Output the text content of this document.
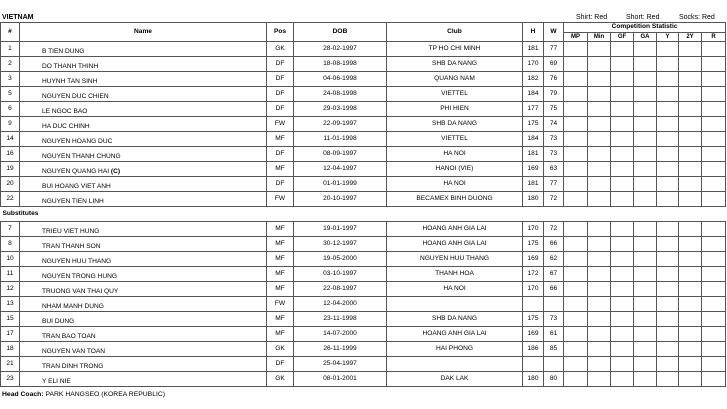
VIETNAM	Shirt: Red	Short: Red	Socks: Red
#	Name	Pos	DOB	Club	H	W	Competition Statistic						
							MP	Min	GF	GA	Y	2Y	R
1	B TIEN DUNG	GK	28-02-1997	TP HO CHI MINH	181	77							
2	DO THANH THINH	DF	18-08-1998	SHB DA NANG	170	69							
3	HUYNH TAN SINH	DF	04-06-1998	QUANG NAM	182	76							
5	NGUYEN DUC CHIEN	DF	24-08-1998	VIETTEL	184	79							
6	LE NGOC BAO	DF	29-03-1998	PHI HIEN	177	75							
9	HA DUC CHINH	FW	22-09-1997	SHB DA NANG	175	74							
14	NGUYEN HOANG DUC	MF	11-01-1998	VIETTEL	184	73							
16	NGUYEN THANH CHUNG	DF	08-09-1997	HA NOI	181	73							
19	NGUYEN QUANG HAI (C)	MF	12-04-1997	HANOI (VIE)	169	63							
20	BUI HOANG VIET ANH	DF	01-01-1999	HA NOI	181	77							
22	NGUYEN TIEN LINH	FW	20-10-1997	BECAMEX BINH DUONG	180	72							
Substitutes													
7	TRIEU VIET HUNG	MF	19-01-1997	HOANG ANH GIA LAI	170	72							
8	TRAN THANH SON	MF	30-12-1997	HOANG ANH GIA LAI	175	66							
10	NGUYEN HUU THANG	MF	19-05-2000	NGUYEN HUU THANG	169	62							
11	NGUYEN TRONG HUNG	MF	03-10-1997	THANH HOA	172	67							
12	TRUONG VAN THAI QUY	MF	22-08-1997	HA NOI	170	66							
13	NHAM MANH DUNG	FW	12-04-2000										
15	BUI DUNG	MF	23-11-1998	SHB DA NANG	175	73							
17	TRAN BAO TOAN	MF	14-07-2000	HOANG ANH GIA LAI	169	61							
18	NGUYEN VAN TOAN	GK	26-11-1999	HAI PHONG	186	85							
21	TRAN DINH TRONG	DF	25-04-1997										
23	Y ELI NIE	GK	08-01-2001	DAK LAK	180	80							
Head Coach: PARK HANGSEO (KOREA REPUBLIC)
